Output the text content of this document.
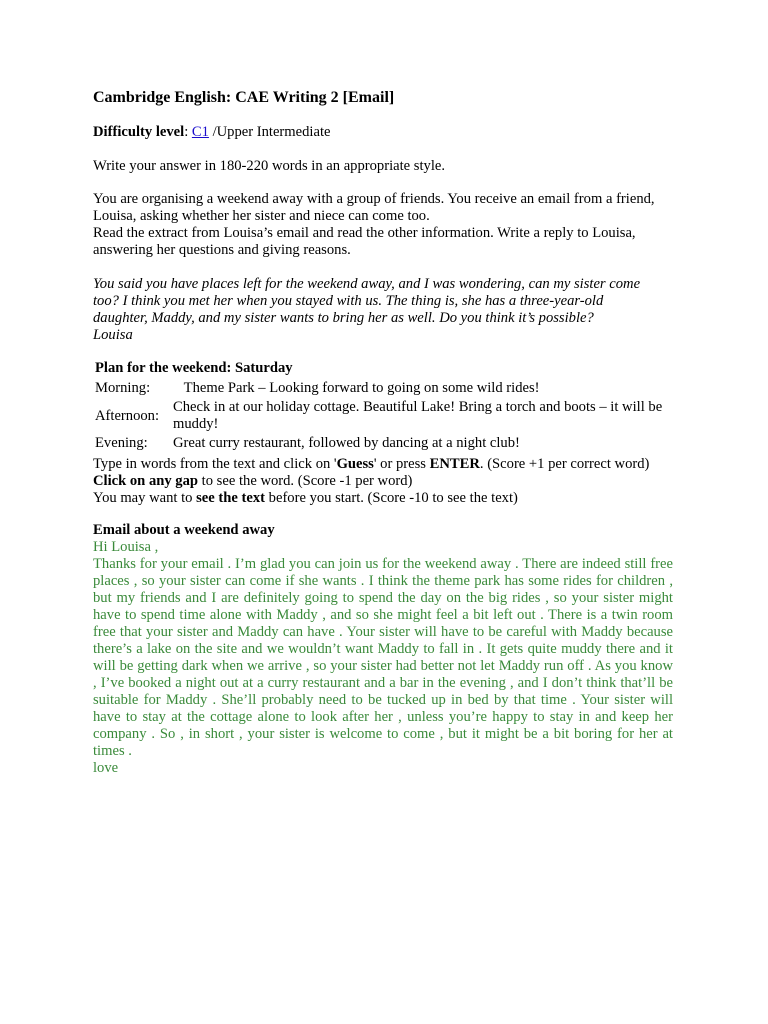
Cambridge English: CAE Writing 2 [Email]
Difficulty level: C1 /Upper Intermediate
Write your answer in 180-220 words in an appropriate style.

You are organising a weekend away with a group of friends. You receive an email from a friend, Louisa, asking whether her sister and niece can come too.

Read the extract from Louisa’s email and read the other information. Write a reply to Louisa, answering her questions and giving reasons.

You said you have places left for the weekend away, and I was wondering, can my sister come too? I think you met her when you stayed with us. The thing is, she has a three-year-old daughter, Maddy, and my sister wants to bring her as well. Do you think it’s possible?

Louisa

Plan for the weekend: Saturday	
Morning:	Theme Park – Looking forward to going on some wild rides!
Afternoon:	Check in at our holiday cottage. Beautiful Lake! Bring a torch and boots – it will be muddy!
Evening:	Great curry restaurant, followed by dancing at a night club!

Type in words from the text and click on 'Guess' or press ENTER. (Score +1 per correct word)

Click on any gap to see the word. (Score -1 per word)

You may want to see the text before you start. (Score -10 to see the text)

Email about a weekend away

Hi Louisa ,

Thanks for your email . I’m glad you can join us for the weekend away . There are indeed still free places , so your sister can come if she wants . I think the theme park has some rides for children , but my friends and I are definitely going to spend the day on the big rides , so your sister might have to spend time alone with Maddy , and so she might feel a bit left out . There is a twin room free that your sister and Maddy can have . Your sister will have to be careful with Maddy because there’s a lake on the site and we wouldn’t want Maddy to fall in . It gets quite muddy there and it will be getting dark when we arrive , so your sister had better not let Maddy run off . As you know , I’ve booked a night out at a curry restaurant and a bar in the evening , and I don’t think that’ll be suitable for Maddy . She’ll probably need to be tucked up in bed by that time . Your sister will have to stay at the cottage alone to look after her , unless you’re happy to stay in and keep her company . So , in short , your sister is welcome to come , but it might be a bit boring for her at times .

love
